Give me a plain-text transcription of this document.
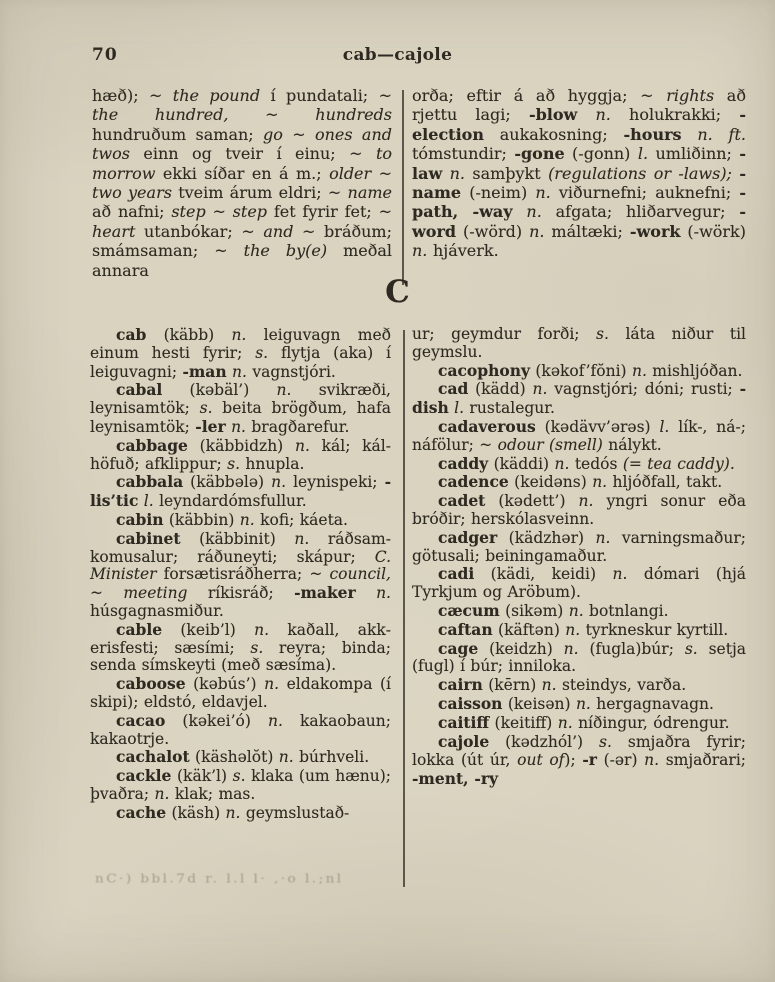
70	cab—cajole

hæð); ~ the pound í pundatali; ~ the hundred, ~ hundreds hundruðum saman; go ~ ones and twos einn og tveir í einu; ~ to morrow ekki síðar en á m.; older ~ two years tveim árum eldri; ~ name að nafni; step ~ step fet fyrir fet; ~ heart utanbókar; ~ and ~ bráðum; smámsaman; ~ the by(e) meðal annara

orða; eftir á að hyggja; ~ rights að rjettu lagi; -blow n. holukrakki; -election aukakosning; -hours n. ft. tómstundir; -gone (-gonn) l. umliðinn; -law n. samþykt (regulations or -laws); -name (-neim) n. viðurnefni; auknefni; -path, -way n. afgata; hliðarvegur; -word (-wörd) n. máltæki; -work (-wörk) n. hjáverk.

C

cab (käbb) n. leiguvagn með einum hesti fyrir; s. flytja (aka) í leiguvagni; -man n. vagnstjóri.

cabal (kəbäl’) n. svikræði, leynisamtök; s. beita brögðum, hafa leynisamtök; -ler n. bragðarefur.

cabbage (käbbidzh) n. kál; kálhöfuð; afklippur; s. hnupla.

cabbala (käbbələ) n. leynispeki; -lis’tic l. leyndardómsfullur.

cabin (käbbin) n. kofi; káeta.

cabinet (käbbinit) n. ráðsamkomusalur; ráðuneyti; skápur; C. Minister forsætisráðherra; ~ council, ~ meeting ríkisráð; -maker n. húsgagnasmiður.

cable (keib’l) n. kaðall, akkerisfesti; sæsími; s. reyra; binda; senda símskeyti (með sæsíma).

caboose (kəbús’) n. eldakompa (í skipi); eldstó, eldavjel.

cacao (kəkei’ó) n. kakaobaun; kakaotrje.

cachalot (käshəlŏt) n. búrhveli.

cackle (käk’l) s. klaka (um hænu); þvaðra; n. klak; mas.

cache (käsh) n. geymslustað-

ur; geymdur forði; s. láta niður til geymslu.

cacophony (kəkof’fŏni) n. mishljóðan.

cad (kädd) n. vagnstjóri; dóni; rusti; -dish l. rustalegur.

cadaverous (kədävv’ərəs) l. lík-, ná-; náfölur; ~ odour (smell) nálykt.

caddy (käddi) n. tedós (= tea caddy).

cadence (keidəns) n. hljóðfall, takt.

cadet (kədett’) n. yngri sonur eða bróðir; herskólasveinn.

cadger (kädzhər) n. varningsmaður; götusali; beiningamaður.

cadi (kädi, keidi) n. dómari (hjá Tyrkjum og Aröbum).

cæcum (sikəm) n. botnlangi.

caftan (käftən) n. tyrkneskur kyrtill.

cage (keidzh) n. (fugla)búr; s. setja (fugl) í búr; inniloka.

cairn (kērn) n. steindys, varða.

caisson (keisən) n. hergagnavagn.

caitiff (keitiff) n. níðingur, ódrengur.

cajole (kədzhól’) s. smjaðra fyrir; lokka (út úr, out of); -r (-ər) n. smjaðrari; -ment, -ry

nC·) bbl.7d r. l.l l· ,·o l.;nl
